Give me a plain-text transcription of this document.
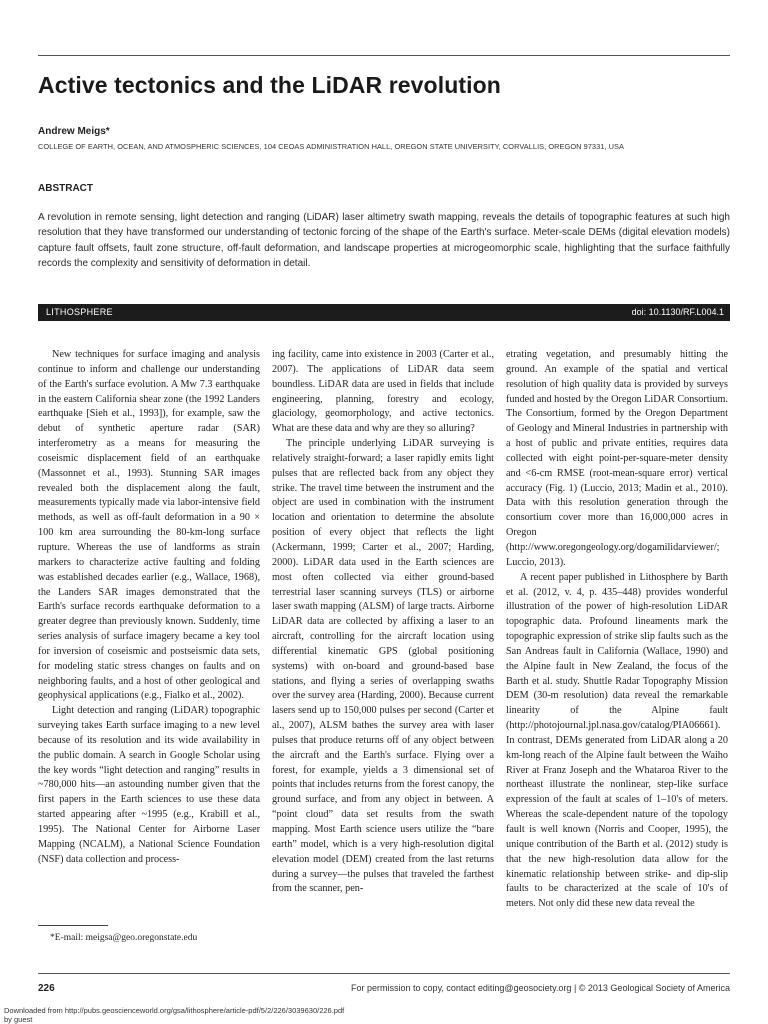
Active tectonics and the LiDAR revolution
Andrew Meigs*
COLLEGE OF EARTH, OCEAN, AND ATMOSPHERIC SCIENCES, 104 CEOAS ADMINISTRATION HALL, OREGON STATE UNIVERSITY, CORVALLIS, OREGON 97331, USA
ABSTRACT
A revolution in remote sensing, light detection and ranging (LiDAR) laser altimetry swath mapping, reveals the details of topographic features at such high resolution that they have transformed our understanding of tectonic forcing of the shape of the Earth's surface. Meter-scale DEMs (digital elevation models) capture fault offsets, fault zone structure, off-fault deformation, and landscape properties at microgeomorphic scale, highlighting that the surface faithfully records the complexity and sensitivity of deformation in detail.
LITHOSPHERE	doi: 10.1130/RF.L004.1

New techniques for surface imaging and analysis continue to inform and challenge our understanding of the Earth's surface evolution. A Mw 7.3 earthquake in the eastern California shear zone (the 1992 Landers earthquake [Sieh et al., 1993]), for example, saw the debut of synthetic aperture radar (SAR) interferometry as a means for measuring the coseismic displacement field of an earthquake (Massonnet et al., 1993). Stunning SAR images revealed both the displacement along the fault, measurements typically made via labor-intensive field methods, as well as off-fault deformation in a 90 × 100 km area surrounding the 80-km-long surface rupture. Whereas the use of landforms as strain markers to characterize active faulting and folding was established decades earlier (e.g., Wallace, 1968), the Landers SAR images demonstrated that the Earth's surface records earthquake deformation to a greater degree than previously known. Suddenly, time series analysis of surface imagery became a key tool for inversion of coseismic and postseismic data sets, for modeling static stress changes on faults and on neighboring faults, and a host of other geological and geophysical applications (e.g., Fialko et al., 2002).

Light detection and ranging (LiDAR) topographic surveying takes Earth surface imaging to a new level because of its resolution and its wide availability in the public domain. A search in Google Scholar using the key words “light detection and ranging” results in ~780,000 hits—an astounding number given that the first papers in the Earth sciences to use these data started appearing after ~1995 (e.g., Krabill et al., 1995). The National Center for Airborne Laser Mapping (NCALM), a National Science Foundation (NSF) data collection and process-

ing facility, came into existence in 2003 (Carter et al., 2007). The applications of LiDAR data seem boundless. LiDAR data are used in fields that include engineering, planning, forestry and ecology, glaciology, geomorphology, and active tectonics. What are these data and why are they so alluring?

The principle underlying LiDAR surveying is relatively straight-forward; a laser rapidly emits light pulses that are reflected back from any object they strike. The travel time between the instrument and the object are used in combination with the instrument location and orientation to determine the absolute position of every object that reflects the light (Ackermann, 1999; Carter et al., 2007; Harding, 2000). LiDAR data used in the Earth sciences are most often collected via either ground-based terrestrial laser scanning surveys (TLS) or airborne laser swath mapping (ALSM) of large tracts. Airborne LiDAR data are collected by affixing a laser to an aircraft, controlling for the aircraft location using differential kinematic GPS (global positioning systems) with on-board and ground-based base stations, and flying a series of overlapping swaths over the survey area (Harding, 2000). Because current lasers send up to 150,000 pulses per second (Carter et al., 2007), ALSM bathes the survey area with laser pulses that produce returns off of any object between the aircraft and the Earth's surface. Flying over a forest, for example, yields a 3 dimensional set of points that includes returns from the forest canopy, the ground surface, and from any object in between. A “point cloud” data set results from the swath mapping. Most Earth science users utilize the “bare earth” model, which is a very high-resolution digital elevation model (DEM) created from the last returns during a survey—the pulses that traveled the farthest from the scanner, pen-

etrating vegetation, and presumably hitting the ground. An example of the spatial and vertical resolution of high quality data is provided by surveys funded and hosted by the Oregon LiDAR Consortium. The Consortium, formed by the Oregon Department of Geology and Mineral Industries in partnership with a host of public and private entities, requires data collected with eight point-per-square-meter density and <6-cm RMSE (root-mean-square error) vertical accuracy (Fig. 1) (Luccio, 2013; Madin et al., 2010). Data with this resolution generation through the consortium cover more than 16,000,000 acres in Oregon (http://www.oregongeology.org/dogamilidarviewer/; Luccio, 2013).

A recent paper published in Lithosphere by Barth et al. (2012, v. 4, p. 435–448) provides wonderful illustration of the power of high-resolution LiDAR topographic data. Profound lineaments mark the topographic expression of strike slip faults such as the San Andreas fault in California (Wallace, 1990) and the Alpine fault in New Zealand, the focus of the Barth et al. study. Shuttle Radar Topography Mission DEM (30-m resolution) data reveal the remarkable linearity of the Alpine fault (http://photojournal.jpl.nasa.gov/catalog/PIA06661). In contrast, DEMs generated from LiDAR along a 20 km-long reach of the Alpine fault between the Waiho River at Franz Joseph and the Whataroa River to the northeast illustrate the nonlinear, step-like surface expression of the fault at scales of 1–10's of meters. Whereas the scale-dependent nature of the topology fault is well known (Norris and Cooper, 1995), the unique contribution of the Barth et al. (2012) study is that the new high-resolution data allow for the kinematic relationship between strike- and dip-slip faults to be characterized at the scale of 10's of meters. Not only did these new data reveal the

*E-mail: meigsa@geo.oregonstate.edu
226	For permission to copy, contact editing@geosociety.org | © 2013 Geological Society of America
Downloaded from http://pubs.geoscienceworld.org/gsa/lithosphere/article-pdf/5/2/226/3039630/226.pdf
by guest
